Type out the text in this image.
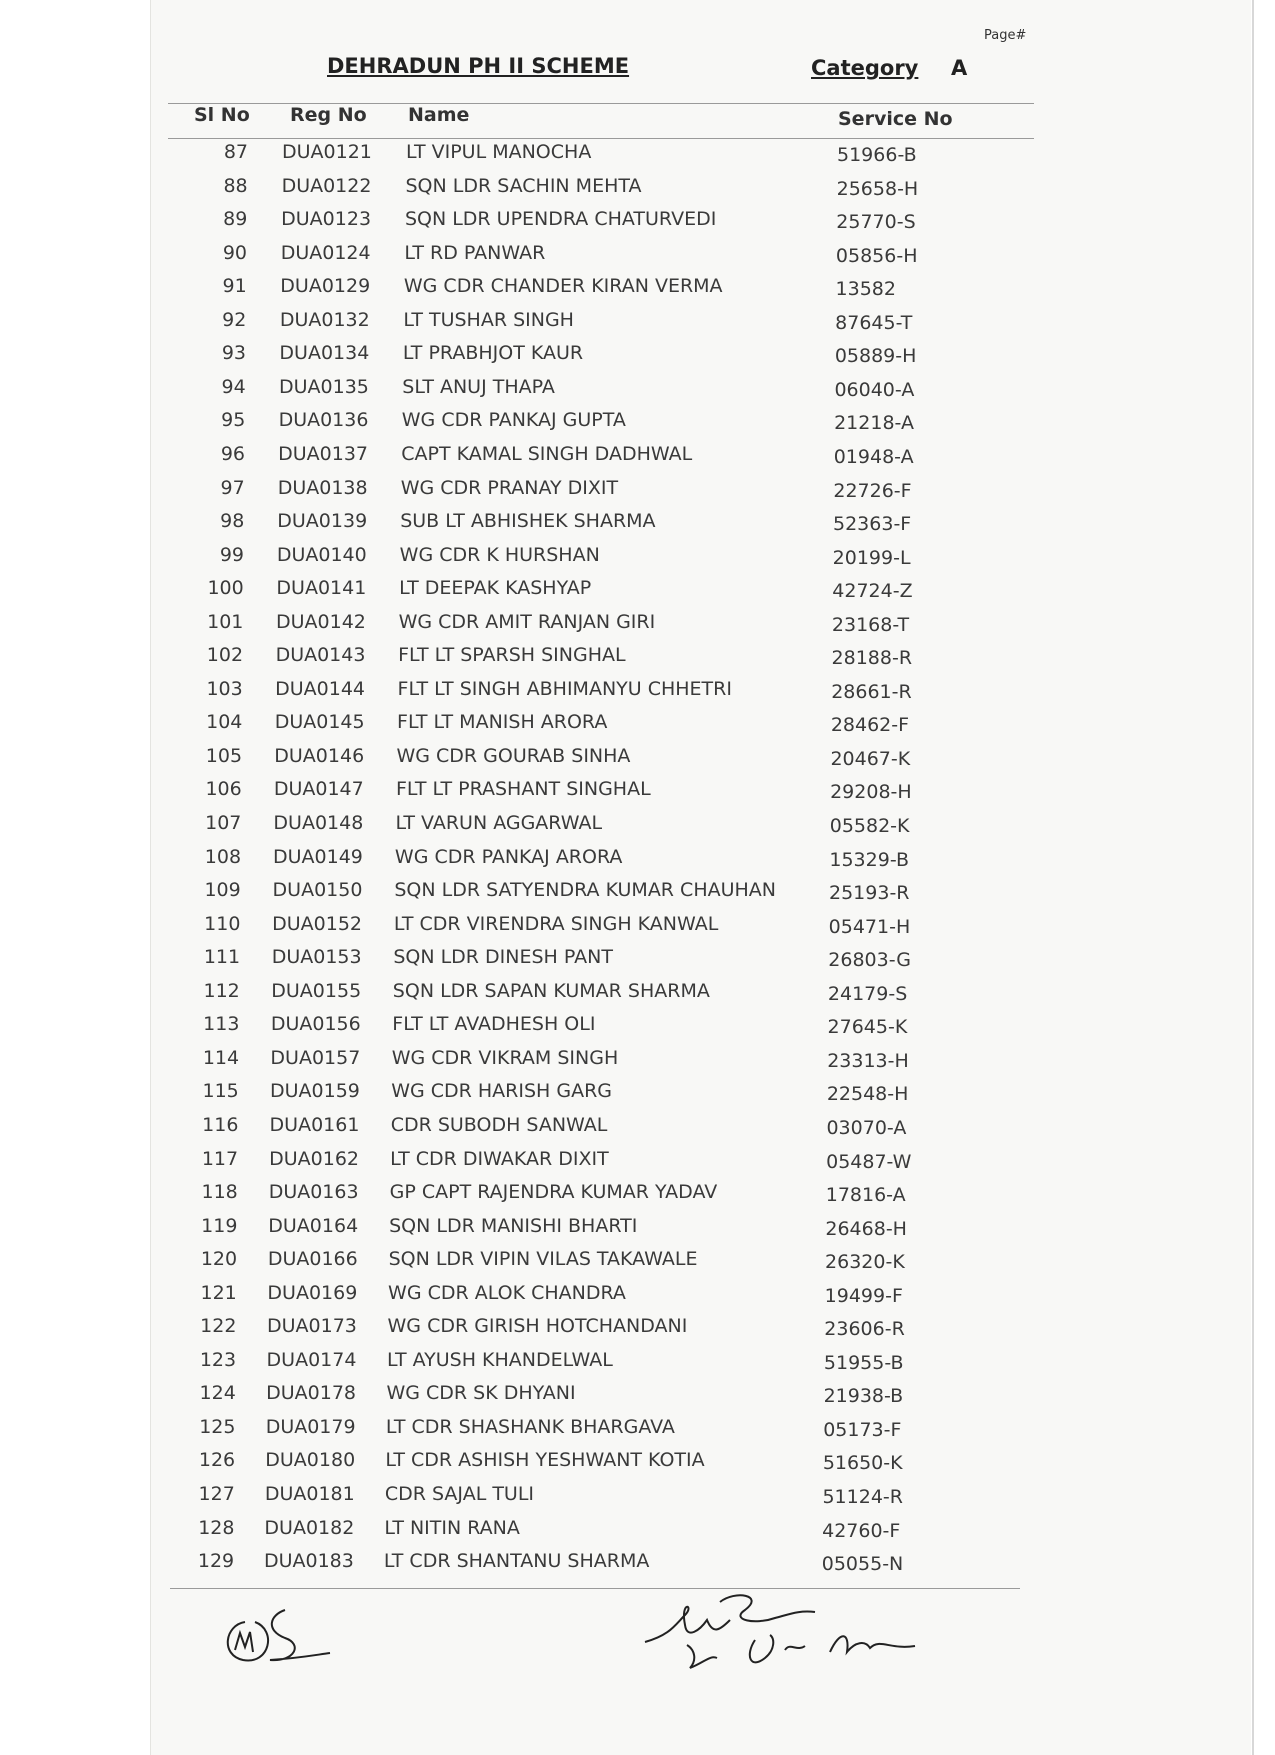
Page#
DEHRADUN PH II SCHEME	Category A
Sl No Reg No Name	Service No
87 DUA0121 LT VIPUL MANOCHA	51966-B
88 DUA0122 SQN LDR SACHIN MEHTA	25658-H
89 DUA0123 SQN LDR UPENDRA CHATURVEDI	25770-S
90 DUA0124 LT RD PANWAR	05856-H
91 DUA0129 WG CDR CHANDER KIRAN VERMA	13582
92 DUA0132 LT TUSHAR SINGH	87645-T
93 DUA0134 LT PRABHJOT KAUR	05889-H
94 DUA0135 SLT ANUJ THAPA	06040-A
95 DUA0136 WG CDR PANKAJ GUPTA	21218-A
96 DUA0137 CAPT KAMAL SINGH DADHWAL	01948-A
97 DUA0138 WG CDR PRANAY DIXIT	22726-F
98 DUA0139 SUB LT ABHISHEK SHARMA	52363-F
99 DUA0140 WG CDR K HURSHAN	20199-L
100 DUA0141 LT DEEPAK KASHYAP	42724-Z
101 DUA0142 WG CDR AMIT RANJAN GIRI	23168-T
102 DUA0143 FLT LT SPARSH SINGHAL	28188-R
103 DUA0144 FLT LT SINGH ABHIMANYU CHHETRI	28661-R
104 DUA0145 FLT LT MANISH ARORA	28462-F
105 DUA0146 WG CDR GOURAB SINHA	20467-K
106 DUA0147 FLT LT PRASHANT SINGHAL	29208-H
107 DUA0148 LT VARUN AGGARWAL	05582-K
108 DUA0149 WG CDR PANKAJ ARORA	15329-B
109 DUA0150 SQN LDR SATYENDRA KUMAR CHAUHAN	25193-R
110 DUA0152 LT CDR VIRENDRA SINGH KANWAL	05471-H
111 DUA0153 SQN LDR DINESH PANT	26803-G
112 DUA0155 SQN LDR SAPAN KUMAR SHARMA	24179-S
113 DUA0156 FLT LT AVADHESH OLI	27645-K
114 DUA0157 WG CDR VIKRAM SINGH	23313-H
115 DUA0159 WG CDR HARISH GARG	22548-H
116 DUA0161 CDR SUBODH SANWAL	03070-A
117 DUA0162 LT CDR DIWAKAR DIXIT	05487-W
118 DUA0163 GP CAPT RAJENDRA KUMAR YADAV	17816-A
119 DUA0164 SQN LDR MANISHI BHARTI	26468-H
120 DUA0166 SQN LDR VIPIN VILAS TAKAWALE	26320-K
121 DUA0169 WG CDR ALOK CHANDRA	19499-F
122 DUA0173 WG CDR GIRISH HOTCHANDANI	23606-R
123 DUA0174 LT AYUSH KHANDELWAL	51955-B
124 DUA0178 WG CDR SK DHYANI	21938-B
125 DUA0179 LT CDR SHASHANK BHARGAVA	05173-F
126 DUA0180 LT CDR ASHISH YESHWANT KOTIA	51650-K
127 DUA0181 CDR SAJAL TULI	51124-R
128 DUA0182 LT NITIN RANA	42760-F
129 DUA0183 LT CDR SHANTANU SHARMA	05055-N
